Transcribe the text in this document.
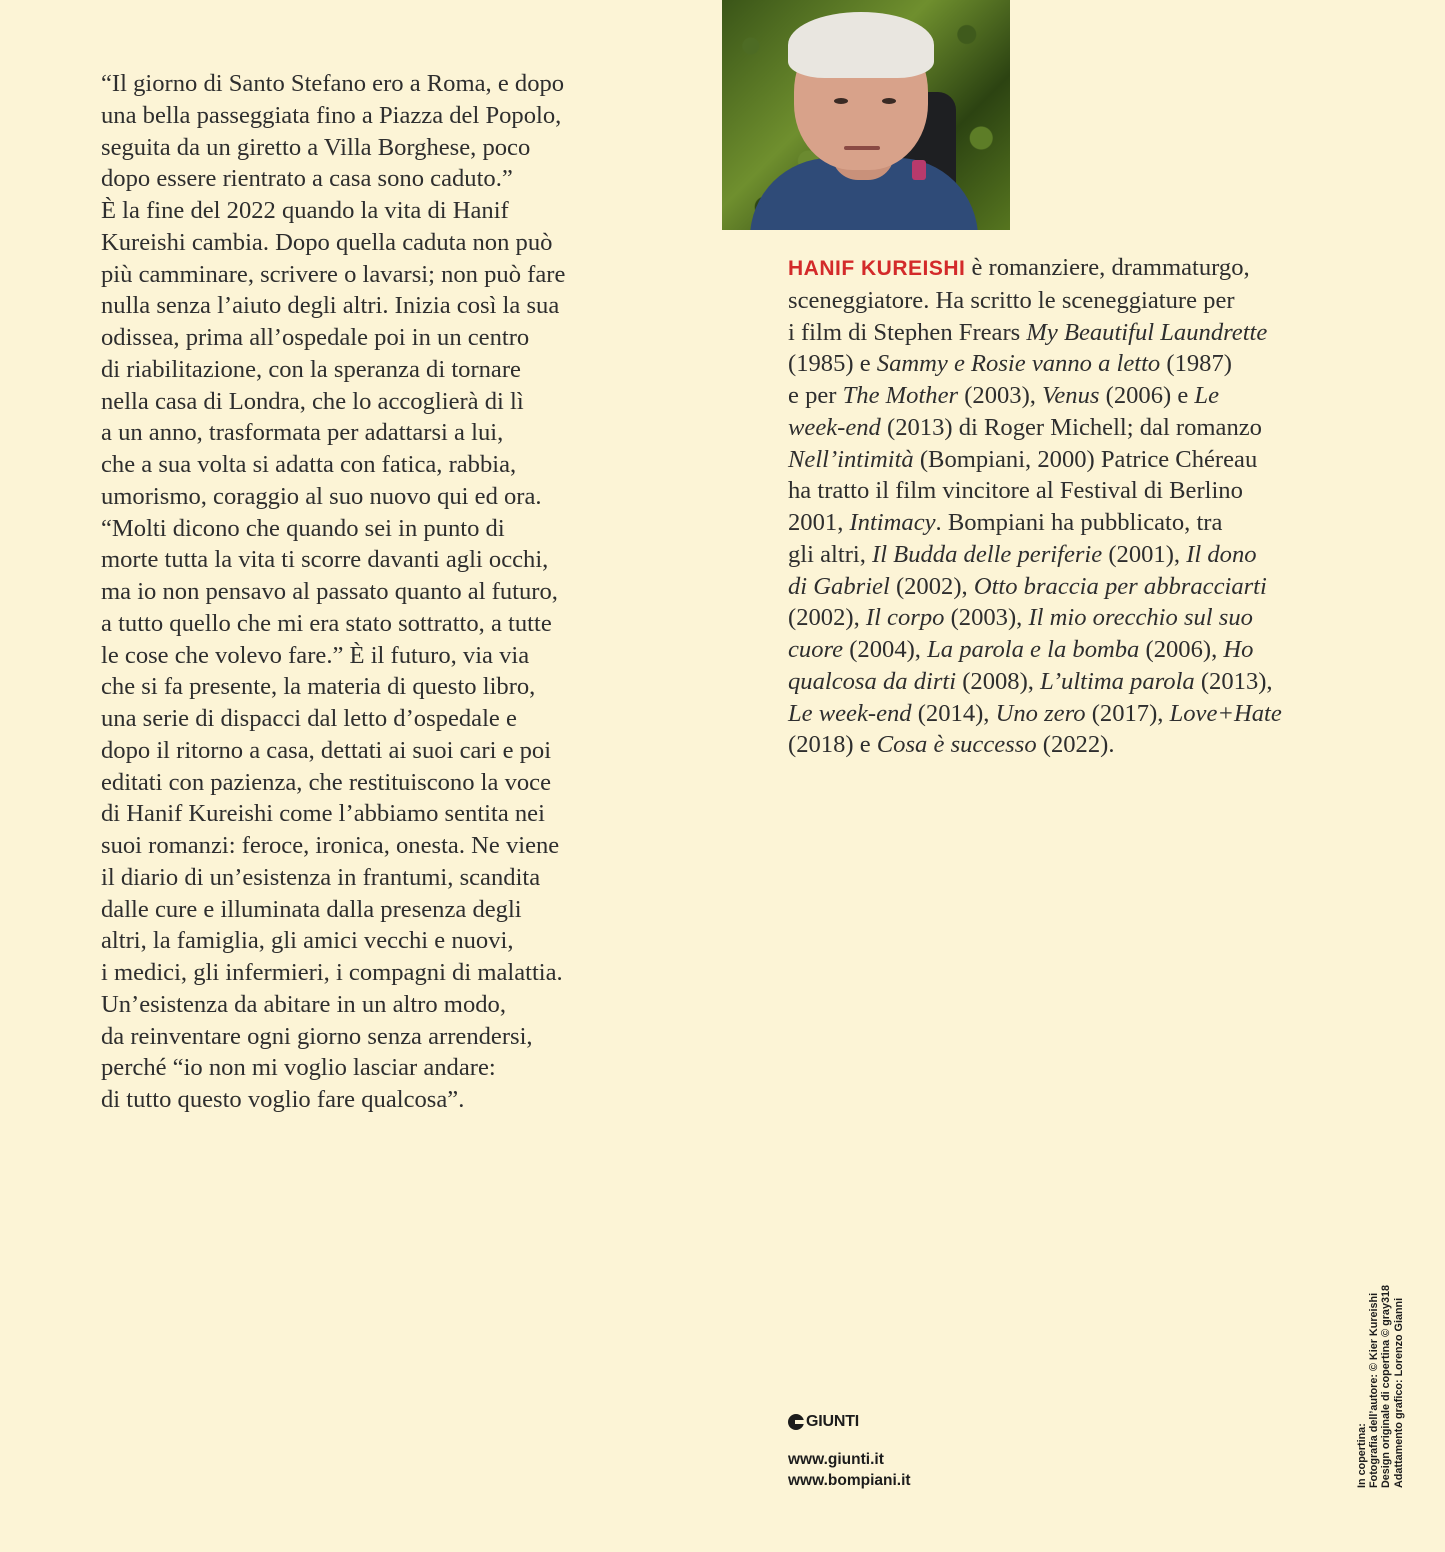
“Il giorno di Santo Stefano ero a Roma, e dopo
una bella passeggiata fino a Piazza del Popolo,
seguita da un giretto a Villa Borghese, poco
dopo essere rientrato a casa sono caduto.”
È la fine del 2022 quando la vita di Hanif
Kureishi cambia. Dopo quella caduta non può
più camminare, scrivere o lavarsi; non può fare
nulla senza l’aiuto degli altri. Inizia così la sua
odissea, prima all’ospedale poi in un centro
di riabilitazione, con la speranza di tornare
nella casa di Londra, che lo accoglierà di lì
a un anno, trasformata per adattarsi a lui,
che a sua volta si adatta con fatica, rabbia,
umorismo, coraggio al suo nuovo qui ed ora.
“Molti dicono che quando sei in punto di
morte tutta la vita ti scorre davanti agli occhi,
ma io non pensavo al passato quanto al futuro,
a tutto quello che mi era stato sottratto, a tutte
le cose che volevo fare.” È il futuro, via via
che si fa presente, la materia di questo libro,
una serie di dispacci dal letto d’ospedale e
dopo il ritorno a casa, dettati ai suoi cari e poi
editati con pazienza, che restituiscono la voce
di Hanif Kureishi come l’abbiamo sentita nei
suoi romanzi: feroce, ironica, onesta. Ne viene
il diario di un’esistenza in frantumi, scandita
dalle cure e illuminata dalla presenza degli
altri, la famiglia, gli amici vecchi e nuovi,
i medici, gli infermieri, i compagni di malattia.
Un’esistenza da abitare in un altro modo,
da reinventare ogni giorno senza arrendersi,
perché “io non mi voglio lasciar andare:
di tutto questo voglio fare qualcosa”.
HANIF KUREISHI è romanziere, drammaturgo,
sceneggiatore. Ha scritto le sceneggiature per
i film di Stephen Frears My Beautiful Laundrette
(1985) e Sammy e Rosie vanno a letto (1987)
e per The Mother (2003), Venus (2006) e Le
week-end (2013) di Roger Michell; dal romanzo
Nell’intimità (Bompiani, 2000) Patrice Chéreau
ha tratto il film vincitore al Festival di Berlino
2001, Intimacy. Bompiani ha pubblicato, tra
gli altri, Il Budda delle periferie (2001), Il dono
di Gabriel (2002), Otto braccia per abbracciarti
(2002), Il corpo (2003), Il mio orecchio sul suo
cuore (2004), La parola e la bomba (2006), Ho
qualcosa da dirti (2008), L’ultima parola (2013),
Le week-end (2014), Uno zero (2017), Love+Hate
(2018) e Cosa è successo (2022).
GIUNTI
www.giunti.it
www.bompiani.it	In copertina: Fotografia dell’autore: © Kier Kureishi Design originale di copertina © gray318 Adattamento grafico: Lorenzo Gianni
